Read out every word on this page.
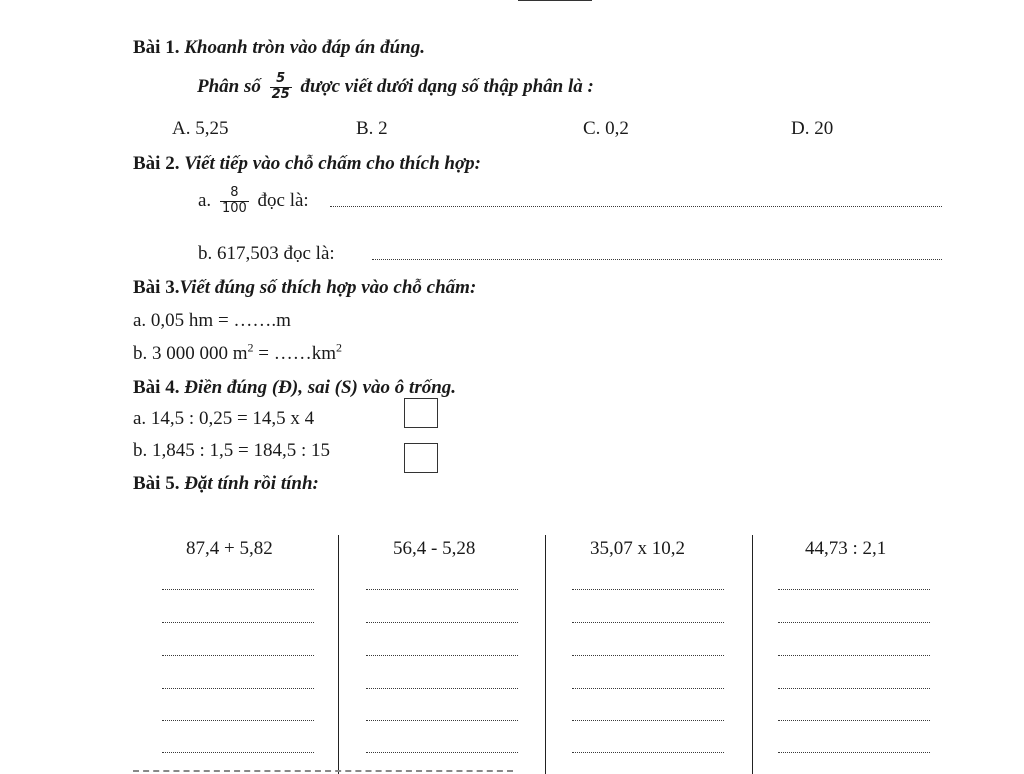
Bài 1. Khoanh tròn vào đáp án đúng.
Phân số $\frac{5}{25}$ được viết dưới dạng số thập phân là :
A. 5,25	B. 2	C. 0,2	D. 20
Bài 2. Viết tiếp vào chỗ chấm cho thích hợp:
a. $\frac{8}{100}$ đọc là:
b. 617,503 đọc là:
Bài 3.Viết đúng số thích hợp vào chỗ chấm:
a. 0,05 hm = …….m
b. 3 000 000 $m^2$ = $\dots\dots km^2$
Bài 4. Điền đúng (Đ), sai (S) vào ô trống.
a. 14,5 : 0,25 = 14,5 x 4
b. 1,845 : 1,5 = 184,5 : 15
Bài 5. Đặt tính rồi tính:
87,4 + 5,82	56,4 - 5,28	35,07 x 10,2	44,73 : 2,1
